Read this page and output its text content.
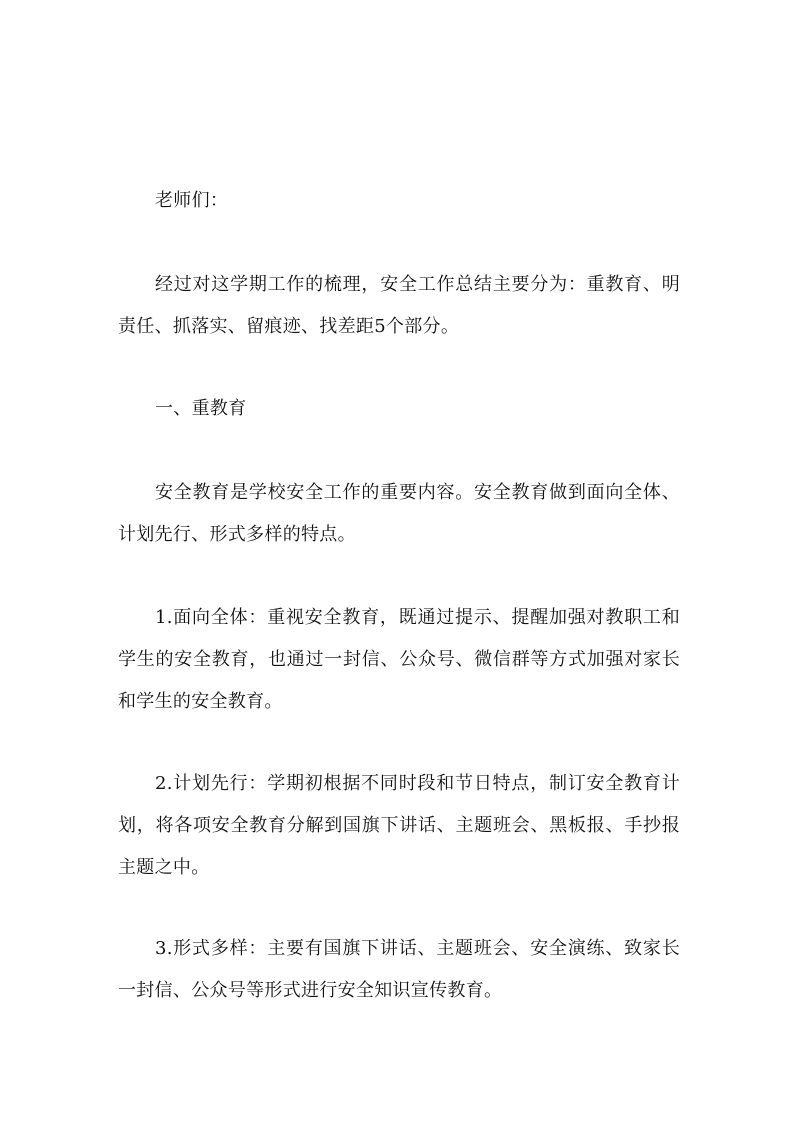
老师们：

经过对这学期工作的梳理，安全工作总结主要分为：重教育、明责任、抓落实、留痕迹、找差距5个部分。

一、重教育

安全教育是学校安全工作的重要内容。安全教育做到面向全体、计划先行、形式多样的特点。

1.面向全体：重视安全教育，既通过提示、提醒加强对教职工和学生的安全教育，也通过一封信、公众号、微信群等方式加强对家长和学生的安全教育。

2.计划先行：学期初根据不同时段和节日特点，制订安全教育计划，将各项安全教育分解到国旗下讲话、主题班会、黑板报、手抄报主题之中。

3.形式多样：主要有国旗下讲话、主题班会、安全演练、致家长一封信、公众号等形式进行安全知识宣传教育。
